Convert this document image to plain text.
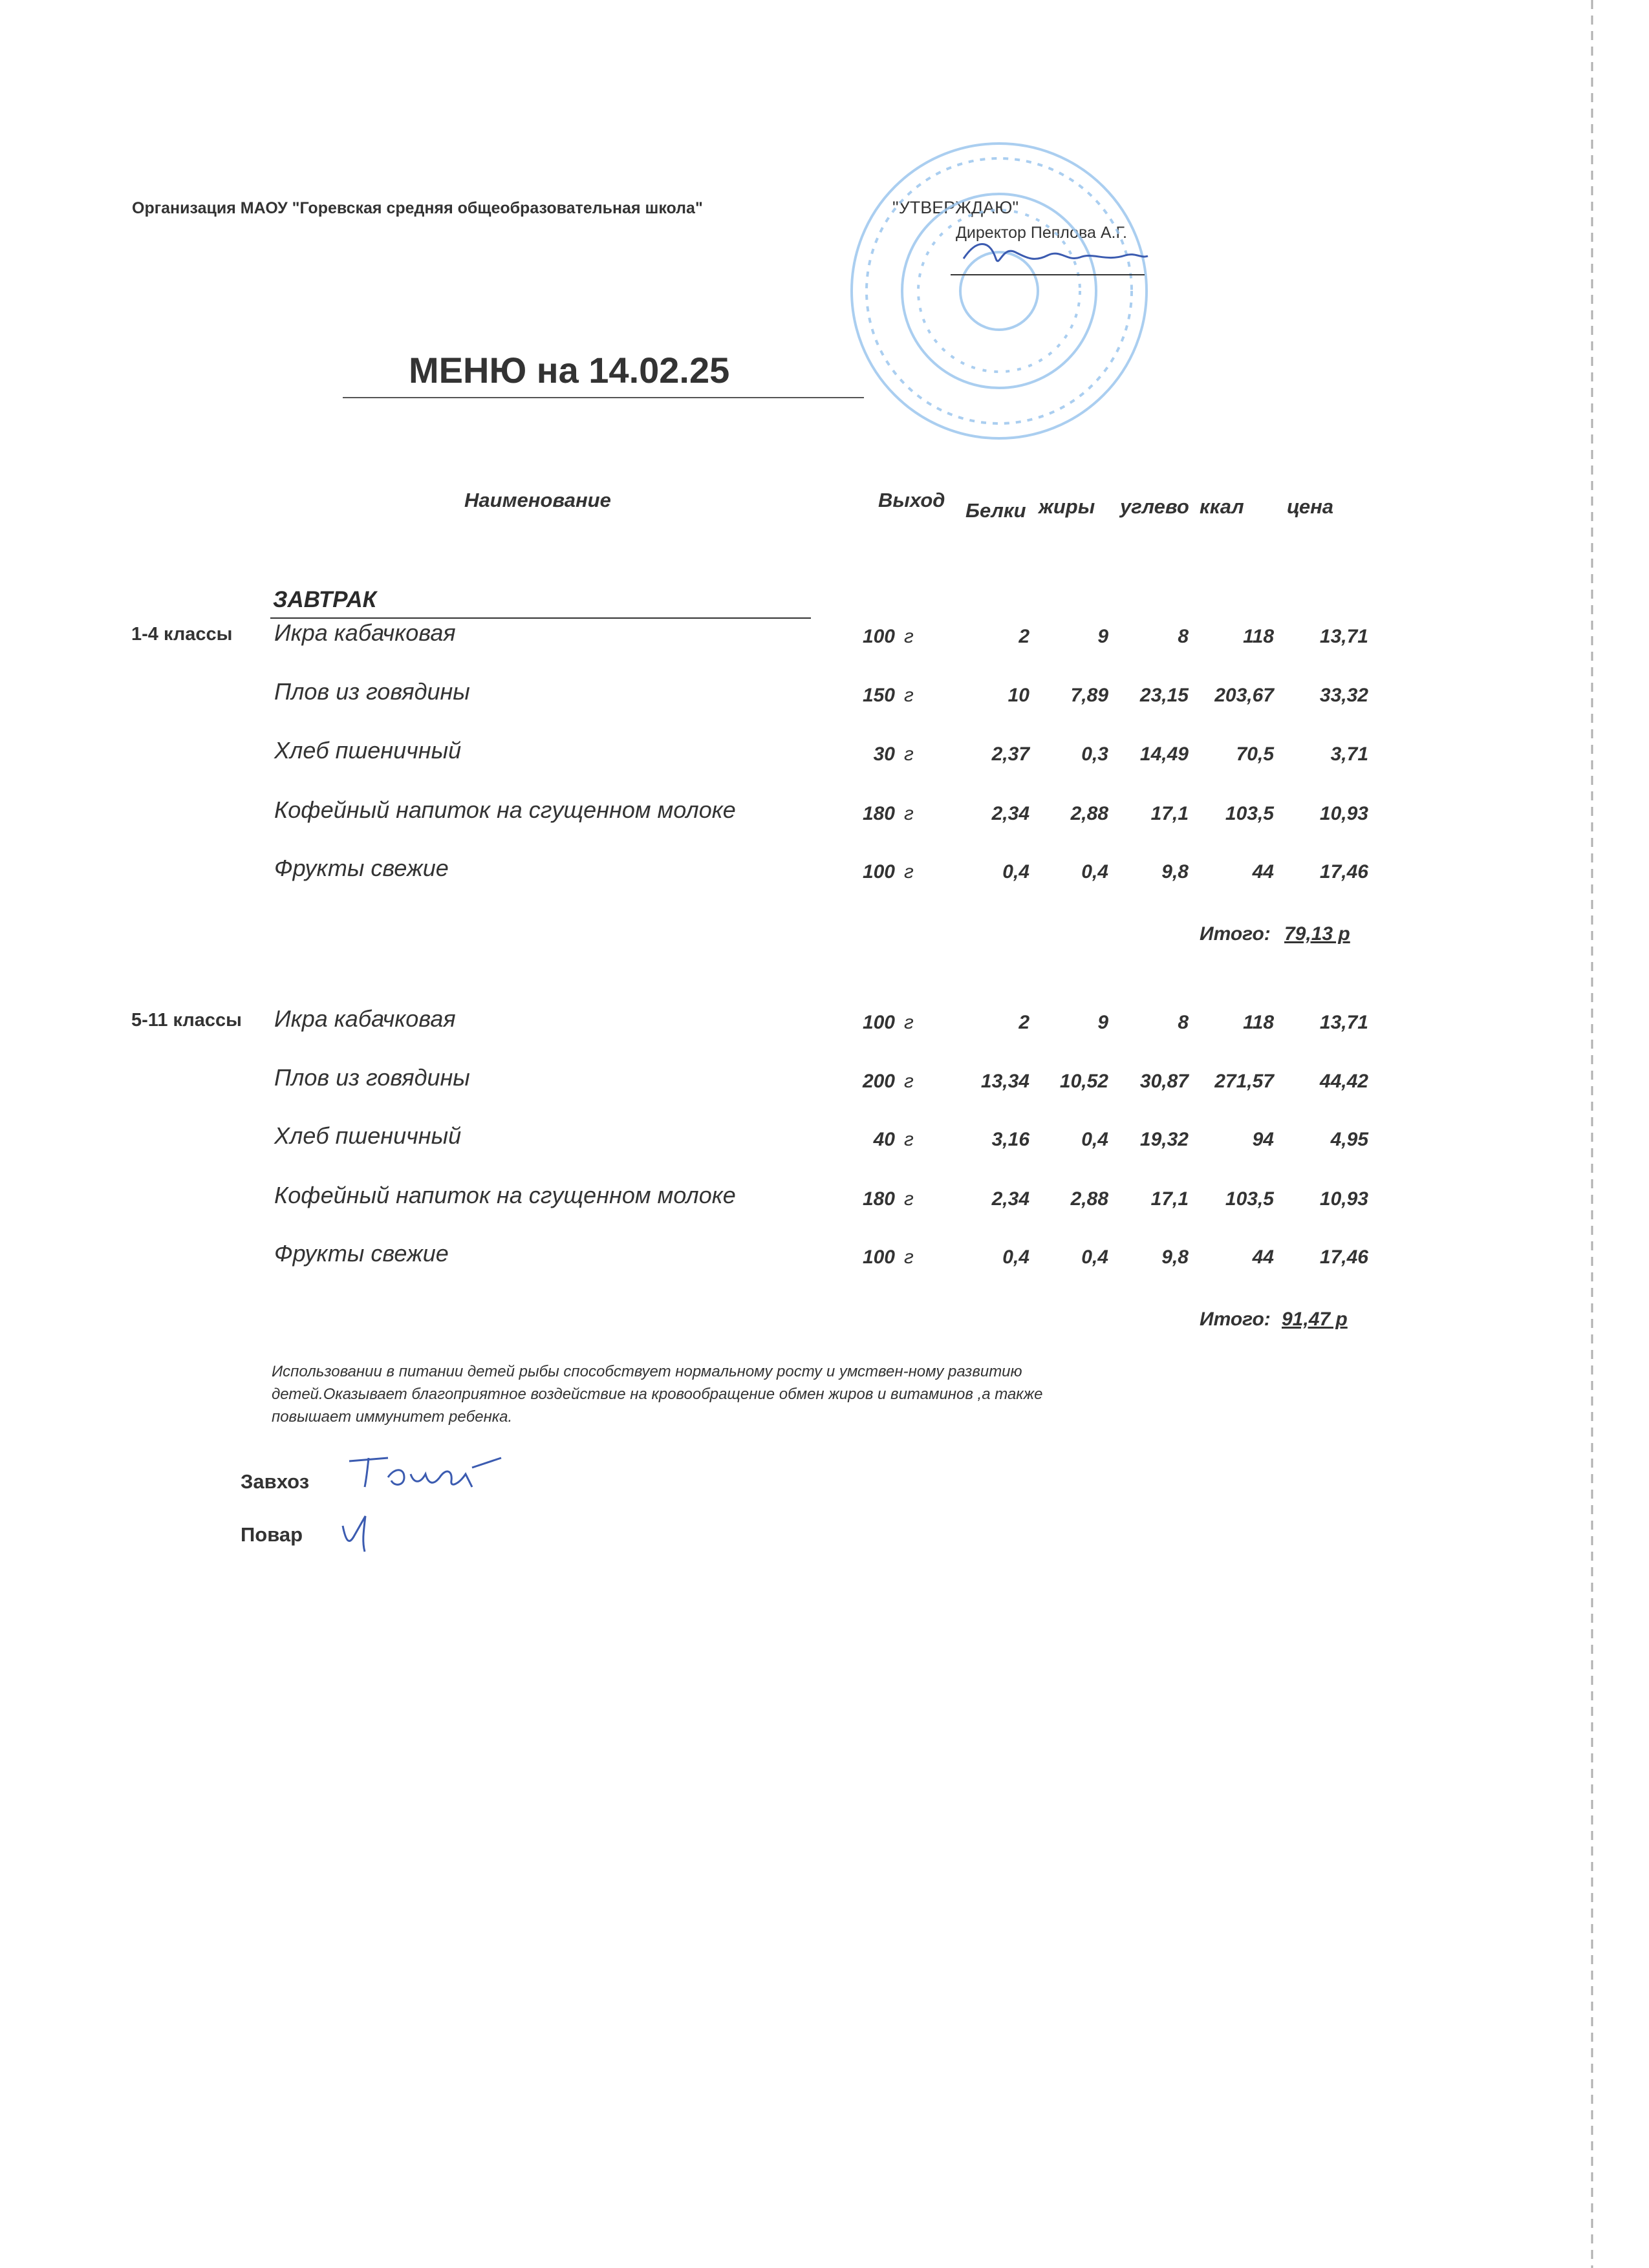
Организация МАОУ "Горевская средняя общеобразовательная школа"	"УТВЕРЖДАЮ"
Директор Пеплова А.Г.
МЕНЮ на 14.02.25
Наименование	Выход Белки жиры углево ккал цена
ЗАВТРАК
1-4 классы Икра кабачковая	100 г	2	9	8	118	13,71
Плов из говядины	150 г	10	7,89	23,15	203,67	33,32
Хлеб пшеничный	30 г	2,37	0,3	14,49	70,5	3,71
Кофейный напиток на сгущенном молоке	180 г	2,34	2,88	17,1	103,5	10,93
Фрукты свежие	100 г	0,4	0,4	9,8	44	17,46
Итого: 79,13 р
5-11 классы Икра кабачковая	100 г	2	9	8	118	13,71
Плов из говядины	200 г	13,34	10,52	30,87	271,57	44,42
Хлеб пшеничный	40 г	3,16	0,4	19,32	94	4,95
Кофейный напиток на сгущенном молоке	180 г	2,34	2,88	17,1	103,5	10,93
Фрукты свежие	100 г	0,4	0,4	9,8	44	17,46
Итого: 91,47 р
Использовании в питании детей рыбы способствует нормальному росту и умствен-ному развитию детей.Оказывает благоприятное воздействие на кровообращение обмен жиров и витаминов ,а также повышает иммунитет ребенка.
Завхоз
Повар
